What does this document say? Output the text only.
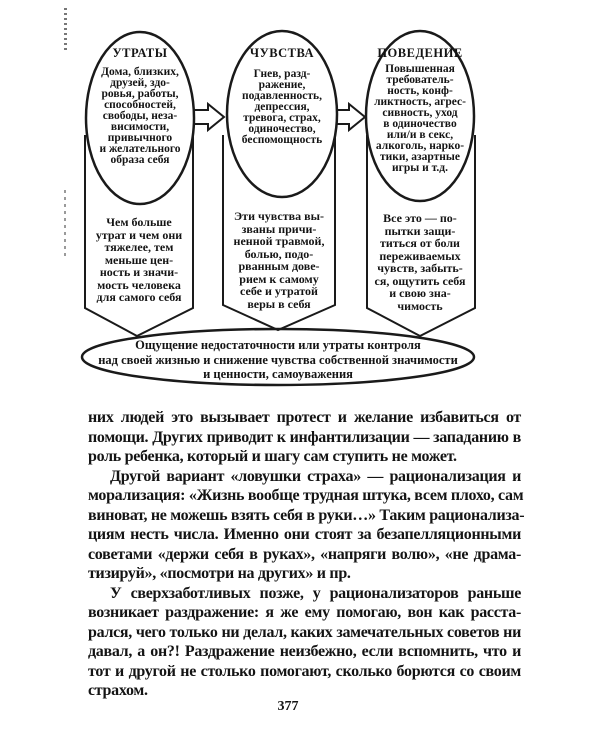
УТРАТЫ
Дома, близких,
друзей, здо-
ровья, работы,
способностей,
свободы, неза-
висимости,
привычного
и желательного
образа себя
ЧУВСТВА
Гнев, разд-
ражение,
подавленность,
депрессия,
тревога, страх,
одиночество,
беспомощность
ПОВЕДЕНИЕ
Повышенная
требователь-
ность, конф-
ликтность, агрес-
сивность, уход
в одиночество
или/и в секс,
алкоголь, нарко-
тики, азартные
игры и т.д.
Чем больше
утрат и чем они
тяжелее, тем
меньше цен-
ность и значи-
мость человека
для самого себя
Эти чувства вы-
званы причи-
ненной травмой,
болью, подо-
рванным дове-
рием к самому
себе и утратой
веры в себя
Все это — по-
пытки защи-
титься от боли
переживаемых
чувств, забыть-
ся, ощутить себя
и свою зна-
чимость
Ощущение недостаточности или утраты контроля
над своей жизнью и снижение чувства собственной значимости
и ценности, самоуважения
них людей это вызывает протест и желание избавиться от
помощи. Других приводит к инфантилизации — западанию в
роль ребенка, который и шагу сам ступить не может.
Другой вариант «ловушки страха» — рационализация и
морализация: «Жизнь вообще трудная штука, всем плохо, сам
виноват, не можешь взять себя в руки…» Таким рационализа-
циям несть числа. Именно они стоят за безапелляционными
советами «держи себя в руках», «напряги волю», «не драма-
тизируй», «посмотри на других» и пр.
У сверхзаботливых позже, у рационализаторов раньше
возникает раздражение: я же ему помогаю, вон как расста-
рался, чего только ни делал, каких замечательных советов ни
давал, а он?! Раздражение неизбежно, если вспомнить, что и
тот и другой не столько помогают, сколько борются со своим
страхом.
377
